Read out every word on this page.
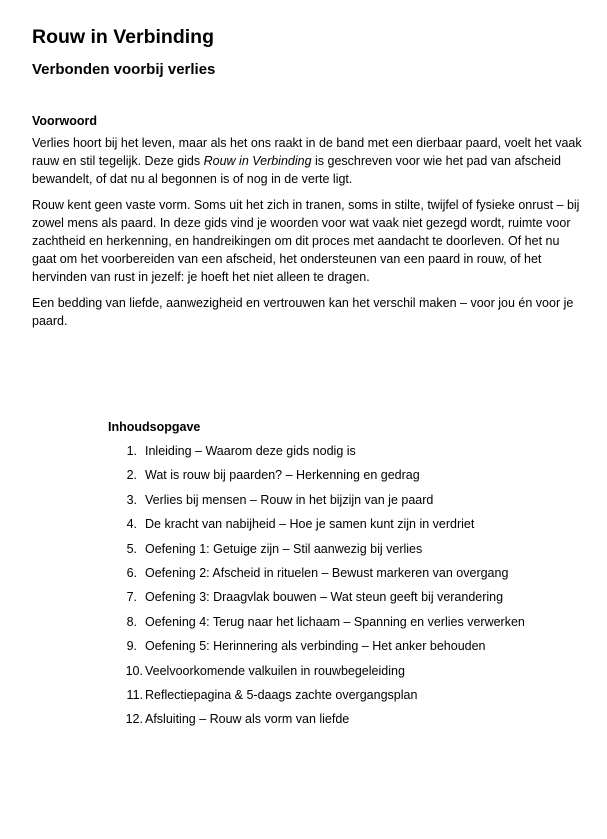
Rouw in Verbinding
Verbonden voorbij verlies
Voorwoord

Verlies hoort bij het leven, maar als het ons raakt in de band met een dierbaar paard, voelt het vaak rauw en stil tegelijk. Deze gids Rouw in Verbinding is geschreven voor wie het pad van afscheid bewandelt, of dat nu al begonnen is of nog in de verte ligt.

Rouw kent geen vaste vorm. Soms uit het zich in tranen, soms in stilte, twijfel of fysieke onrust – bij zowel mens als paard. In deze gids vind je woorden voor wat vaak niet gezegd wordt, ruimte voor zachtheid en herkenning, en handreikingen om dit proces met aandacht te doorleven. Of het nu gaat om het voorbereiden van een afscheid, het ondersteunen van een paard in rouw, of het hervinden van rust in jezelf: je hoeft het niet alleen te dragen.

Een bedding van liefde, aanwezigheid en vertrouwen kan het verschil maken – voor jou én voor je paard.

Inhoudsopgave
1. Inleiding – Waarom deze gids nodig is
2. Wat is rouw bij paarden? – Herkenning en gedrag
3. Verlies bij mensen – Rouw in het bijzijn van je paard
4. De kracht van nabijheid – Hoe je samen kunt zijn in verdriet
5. Oefening 1: Getuige zijn – Stil aanwezig bij verlies
6. Oefening 2: Afscheid in rituelen – Bewust markeren van overgang
7. Oefening 3: Draagvlak bouwen – Wat steun geeft bij verandering
8. Oefening 4: Terug naar het lichaam – Spanning en verlies verwerken
9. Oefening 5: Herinnering als verbinding – Het anker behouden
10. Veelvoorkomende valkuilen in rouwbegeleiding
11. Reflectiepagina & 5-daags zachte overgangsplan
12. Afsluiting – Rouw als vorm van liefde
